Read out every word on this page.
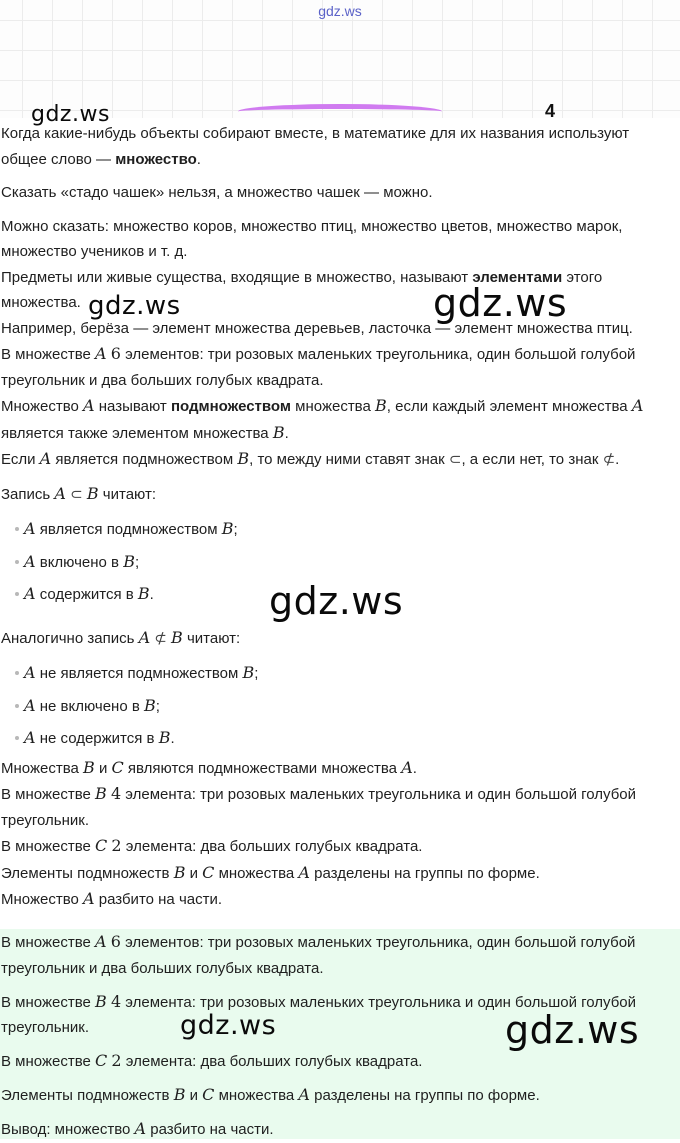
gdz.ws
4

Когда какие-нибудь объекты собирают вместе, в математике для их названия используют общее слово — множество.

Сказать «стадо чашек» нельзя, а множество чашек — можно.

Можно сказать: множество коров, множество птиц, множество цветов, множество марок, множество учеников и т. д.

Предметы или живые существа, входящие в множество, называют элементами этого множества.

Например, берёза — элемент множества деревьев, ласточка — элемент множества птиц.

В множестве A 6 элементов: три розовых маленьких треугольника, один большой голубой треугольник и два больших голубых квадрата.

Множество A называют подмножеством множества B, если каждый элемент множества A является также элементом множества B.

Если A является подмножеством B, то между ними ставят знак ⊂, а если нет, то знак ⊄.

Запись A ⊂ B читают:

A является подмножеством B;
A включено в B;
A содержится в B.

Аналогично запись A ⊄ B читают:

A не является подмножеством B;
A не включено в B;
A не содержится в B.

Множества B и C являются подмножествами множества A.

В множестве B 4 элемента: три розовых маленьких треугольника и один большой голубой треугольник.

В множестве C 2 элемента: два больших голубых квадрата.

Элементы подмножеств B и C множества A разделены на группы по форме.

Множество A разбито на части.

В множестве A 6 элементов: три розовых маленьких треугольника, один большой голубой треугольник и два больших голубых квадрата.

В множестве B 4 элемента: три розовых маленьких треугольника и один большой голубой треугольник.

В множестве C 2 элемента: два больших голубых квадрата.

Элементы подмножеств B и C множества A разделены на группы по форме.

Вывод: множество A разбито на части.

gdz.ws
gdz.ws	gdz.ws
gdz.ws
gdz.ws	gdz.ws
